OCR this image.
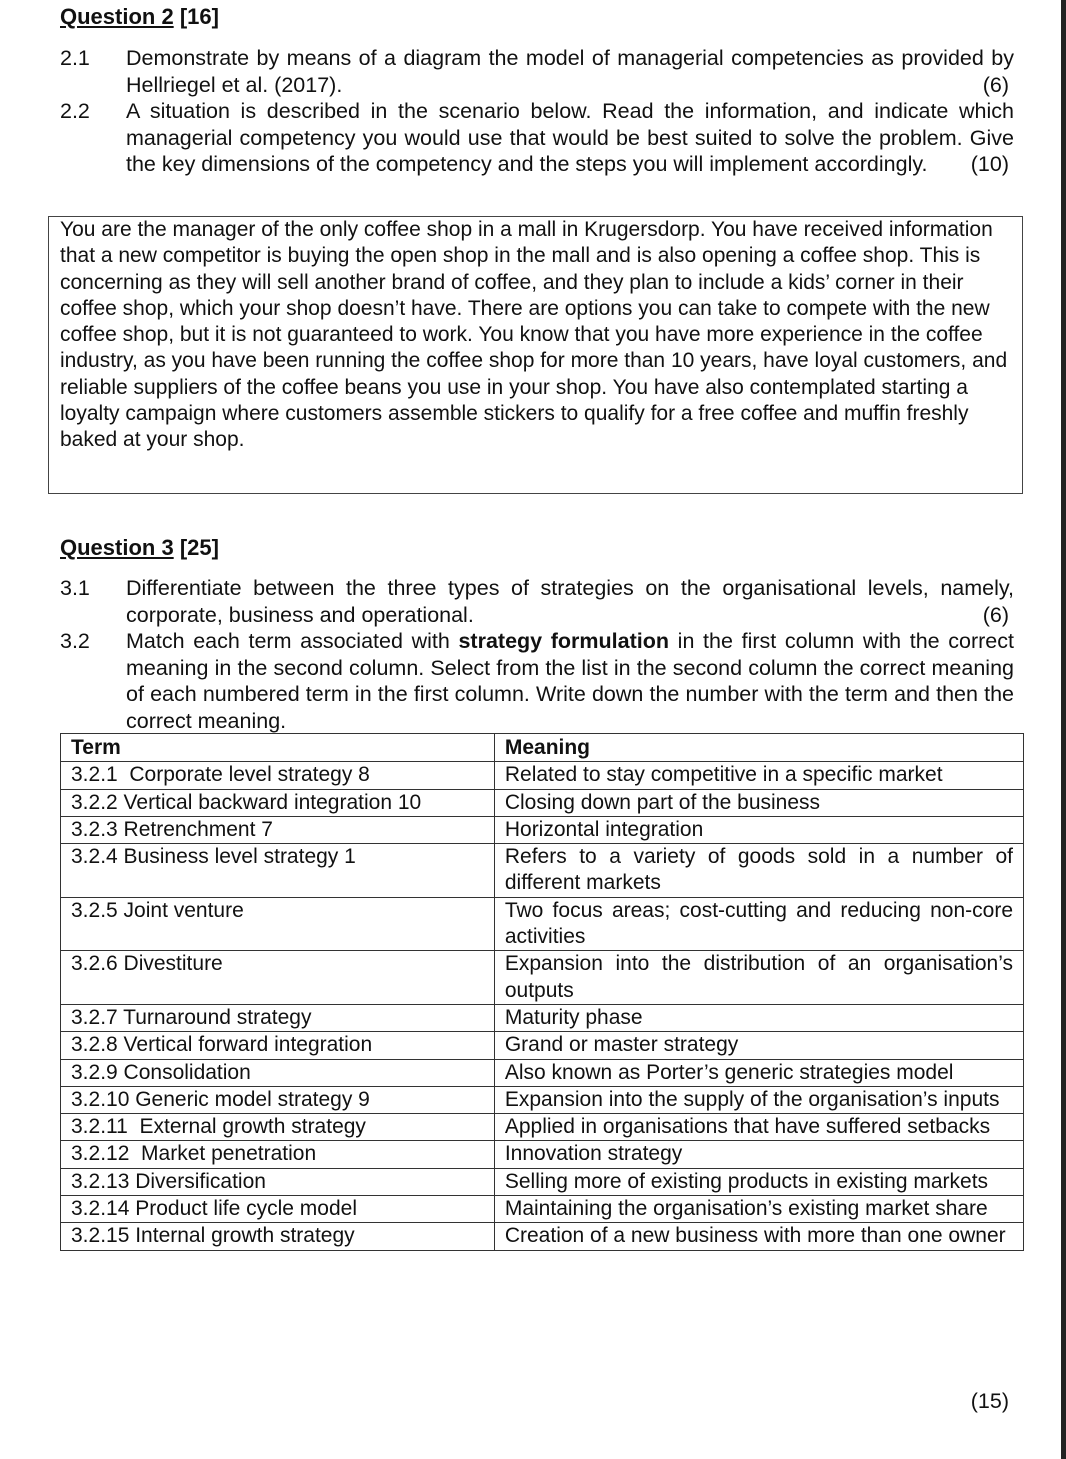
Question 2 [16]
2.1	Demonstrate by means of a diagram the model of managerial competencies as provided by Hellriegel et al. (2017).	(6)
2.2	A situation is described in the scenario below. Read the information, and indicate which managerial competency you would use that would be best suited to solve the problem. Give the key dimensions of the competency and the steps you will implement accordingly. (10)
You are the manager of the only coffee shop in a mall in Krugersdorp. You have received information that a new competitor is buying the open shop in the mall and is also opening a coffee shop. This is concerning as they will sell another brand of coffee, and they plan to include a kids’ corner in their coffee shop, which your shop doesn’t have. There are options you can take to compete with the new coffee shop, but it is not guaranteed to work. You know that you have more experience in the coffee industry, as you have been running the coffee shop for more than 10 years, have loyal customers, and reliable suppliers of the coffee beans you use in your shop. You have also contemplated starting a loyalty campaign where customers assemble stickers to qualify for a free coffee and muffin freshly baked at your shop.
Question 3 [25]
3.1	Differentiate between the three types of strategies on the organisational levels, namely, corporate, business and operational.	(6)
3.2	Match each term associated with strategy formulation in the first column with the correct meaning in the second column. Select from the list in the second column the correct meaning of each numbered term in the first column. Write down the number with the term and then the correct meaning.
Term	Meaning
3.2.1  Corporate level strategy 8	Related to stay competitive in a specific market
3.2.2 Vertical backward integration 10	Closing down part of the business
3.2.3 Retrenchment 7	Horizontal integration
3.2.4 Business level strategy 1	Refers to a variety of goods sold in a number of different markets
3.2.5 Joint venture	Two focus areas; cost-cutting and reducing non-core activities
3.2.6 Divestiture	Expansion into the distribution of an organisation’s outputs
3.2.7 Turnaround strategy	Maturity phase
3.2.8 Vertical forward integration	Grand or master strategy
3.2.9 Consolidation	Also known as Porter’s generic strategies model
3.2.10 Generic model strategy 9	Expansion into the supply of the organisation’s inputs
3.2.11  External growth strategy	Applied in organisations that have suffered setbacks
3.2.12  Market penetration	Innovation strategy
3.2.13 Diversification	Selling more of existing products in existing markets
3.2.14 Product life cycle model	Maintaining the organisation’s existing market share
3.2.15 Internal growth strategy	Creation of a new business with more than one owner
(15)
